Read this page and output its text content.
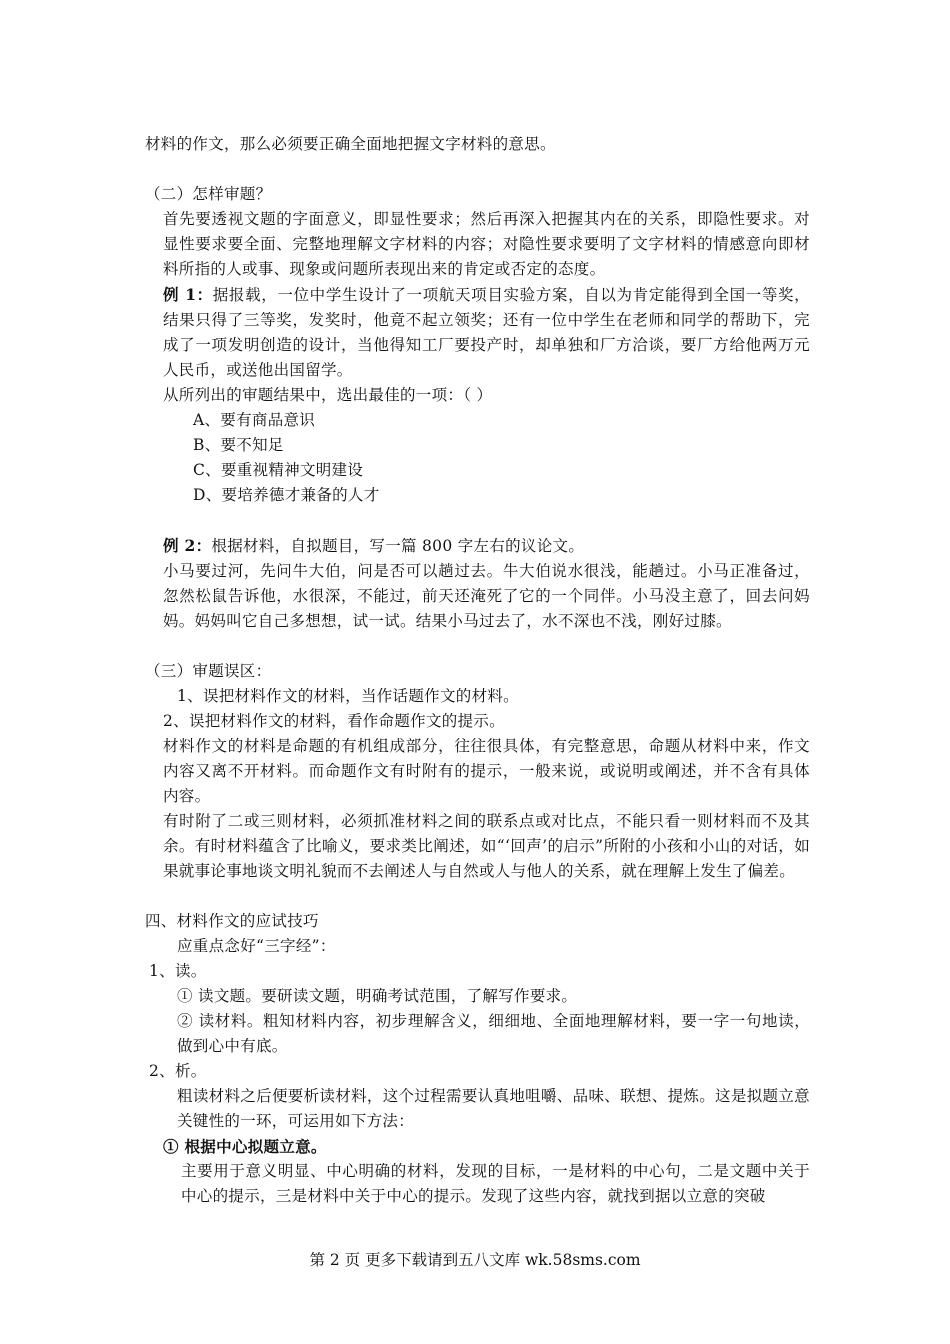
材料的作文，那么必须要正确全面地把握文字材料的意思。

（二）怎样审题？

首先要透视文题的字面意义，即显性要求；然后再深入把握其内在的关系，即隐性要求。对显性要求要全面、完整地理解文字材料的内容；对隐性要求要明了文字材料的情感意向即材料所指的人或事、现象或问题所表现出来的肯定或否定的态度。

例 1：据报载，一位中学生设计了一项航天项目实验方案，自以为肯定能得到全国一等奖，结果只得了三等奖，发奖时，他竟不起立领奖；还有一位中学生在老师和同学的帮助下，完成了一项发明创造的设计，当他得知工厂要投产时，却单独和厂方洽谈，要厂方给他两万元人民币，或送他出国留学。

从所列出的审题结果中，选出最佳的一项：（ ）

A、要有商品意识

B、要不知足

C、要重视精神文明建设

D、要培养德才兼备的人才

例 2：根据材料，自拟题目，写一篇 800 字左右的议论文。

小马要过河，先问牛大伯，问是否可以趟过去。牛大伯说水很浅，能趟过。小马正准备过，忽然松鼠告诉他，水很深，不能过，前天还淹死了它的一个同伴。小马没主意了，回去问妈妈。妈妈叫它自己多想想，试一试。结果小马过去了，水不深也不浅，刚好过膝。

（三）审题误区：

1、误把材料作文的材料，当作话题作文的材料。

2、误把材料作文的材料，看作命题作文的提示。

材料作文的材料是命题的有机组成部分，往往很具体，有完整意思，命题从材料中来，作文内容又离不开材料。而命题作文有时附有的提示，一般来说，或说明或阐述，并不含有具体内容。

有时附了二或三则材料，必须抓准材料之间的联系点或对比点，不能只看一则材料而不及其余。有时材料蕴含了比喻义，要求类比阐述，如“‘回声’的启示”所附的小孩和小山的对话，如果就事论事地谈文明礼貌而不去阐述人与自然或人与他人的关系，就在理解上发生了偏差。

四、材料作文的应试技巧

应重点念好“三字经”：

1、读。

① 读文题。要研读文题，明确考试范围，了解写作要求。

② 读材料。粗知材料内容，初步理解含义，细细地、全面地理解材料，要一字一句地读，做到心中有底。

2、析。

粗读材料之后便要析读材料，这个过程需要认真地咀嚼、品味、联想、提炼。这是拟题立意关键性的一环，可运用如下方法：

① 根据中心拟题立意。

主要用于意义明显、中心明确的材料，发现的目标，一是材料的中心句，二是文题中关于中心的提示，三是材料中关于中心的提示。发现了这些内容，就找到据以立意的突破

第 2 页 更多下载请到五八文库 wk.58sms.com
